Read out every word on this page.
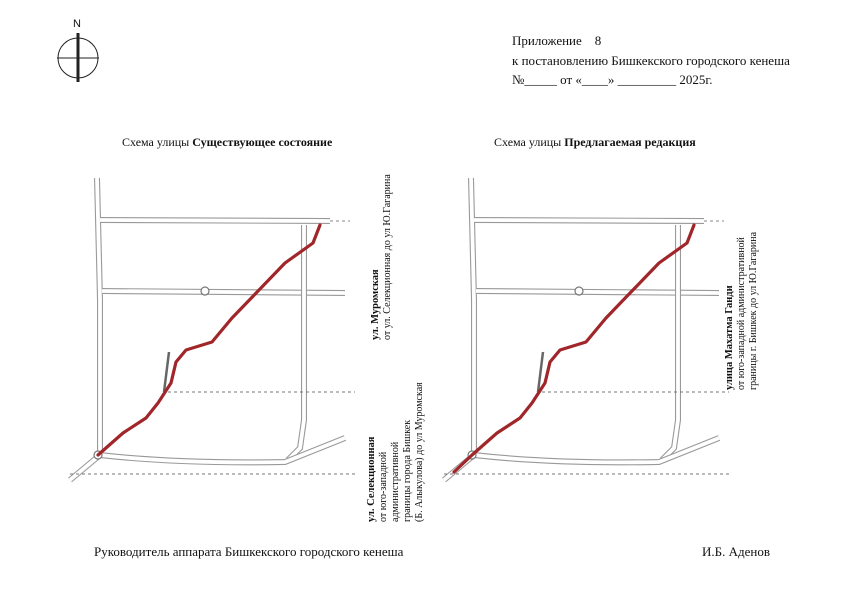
N
Приложение 8
к постановлению Бишкекского городского кенеша
№_____ от «____» _________ 2025г.
Схема улицы Существующее состояние	Схема улицы Предлагаемая редакция
ул. Муромская от ул. Селекционная до ул Ю.Гагарина
ул. Селекционная от юго-западной административной границы города Бишкек (Б. Алыкулова) до ул Муромская
улица Махатма Ганди от юго-западной административной границы г. Бишкек до ул Ю.Гагарина
Руководитель аппарата Бишкекского городского кенеша	И.Б. Аденов
